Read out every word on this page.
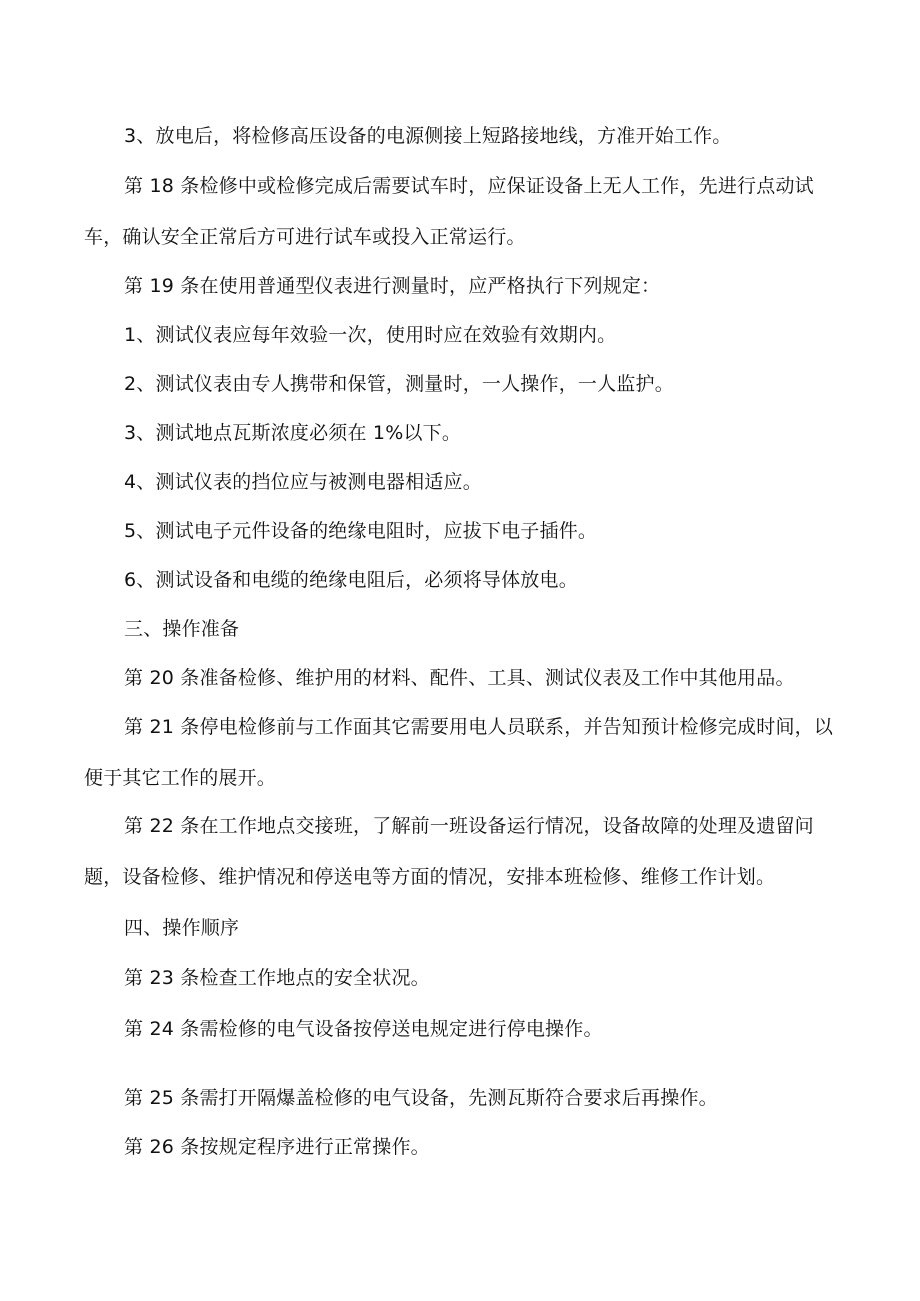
3、放电后，将检修高压设备的电源侧接上短路接地线，方准开始工作。

第 18 条检修中或检修完成后需要试车时，应保证设备上无人工作，先进行点动试车，确认安全正常后方可进行试车或投入正常运行。

第 19 条在使用普通型仪表进行测量时，应严格执行下列规定：

1、测试仪表应每年效验一次，使用时应在效验有效期内。

2、测试仪表由专人携带和保管，测量时，一人操作，一人监护。

3、测试地点瓦斯浓度必须在 1%以下。

4、测试仪表的挡位应与被测电器相适应。

5、测试电子元件设备的绝缘电阻时，应拔下电子插件。

6、测试设备和电缆的绝缘电阻后，必须将导体放电。

三、操作准备

第 20 条准备检修、维护用的材料、配件、工具、测试仪表及工作中其他用品。

第 21 条停电检修前与工作面其它需要用电人员联系，并告知预计检修完成时间，以便于其它工作的展开。

第 22 条在工作地点交接班，了解前一班设备运行情况，设备故障的处理及遗留问题，设备检修、维护情况和停送电等方面的情况，安排本班检修、维修工作计划。

四、操作顺序

第 23 条检查工作地点的安全状况。

第 24 条需检修的电气设备按停送电规定进行停电操作。

第 25 条需打开隔爆盖检修的电气设备，先测瓦斯符合要求后再操作。

第 26 条按规定程序进行正常操作。
